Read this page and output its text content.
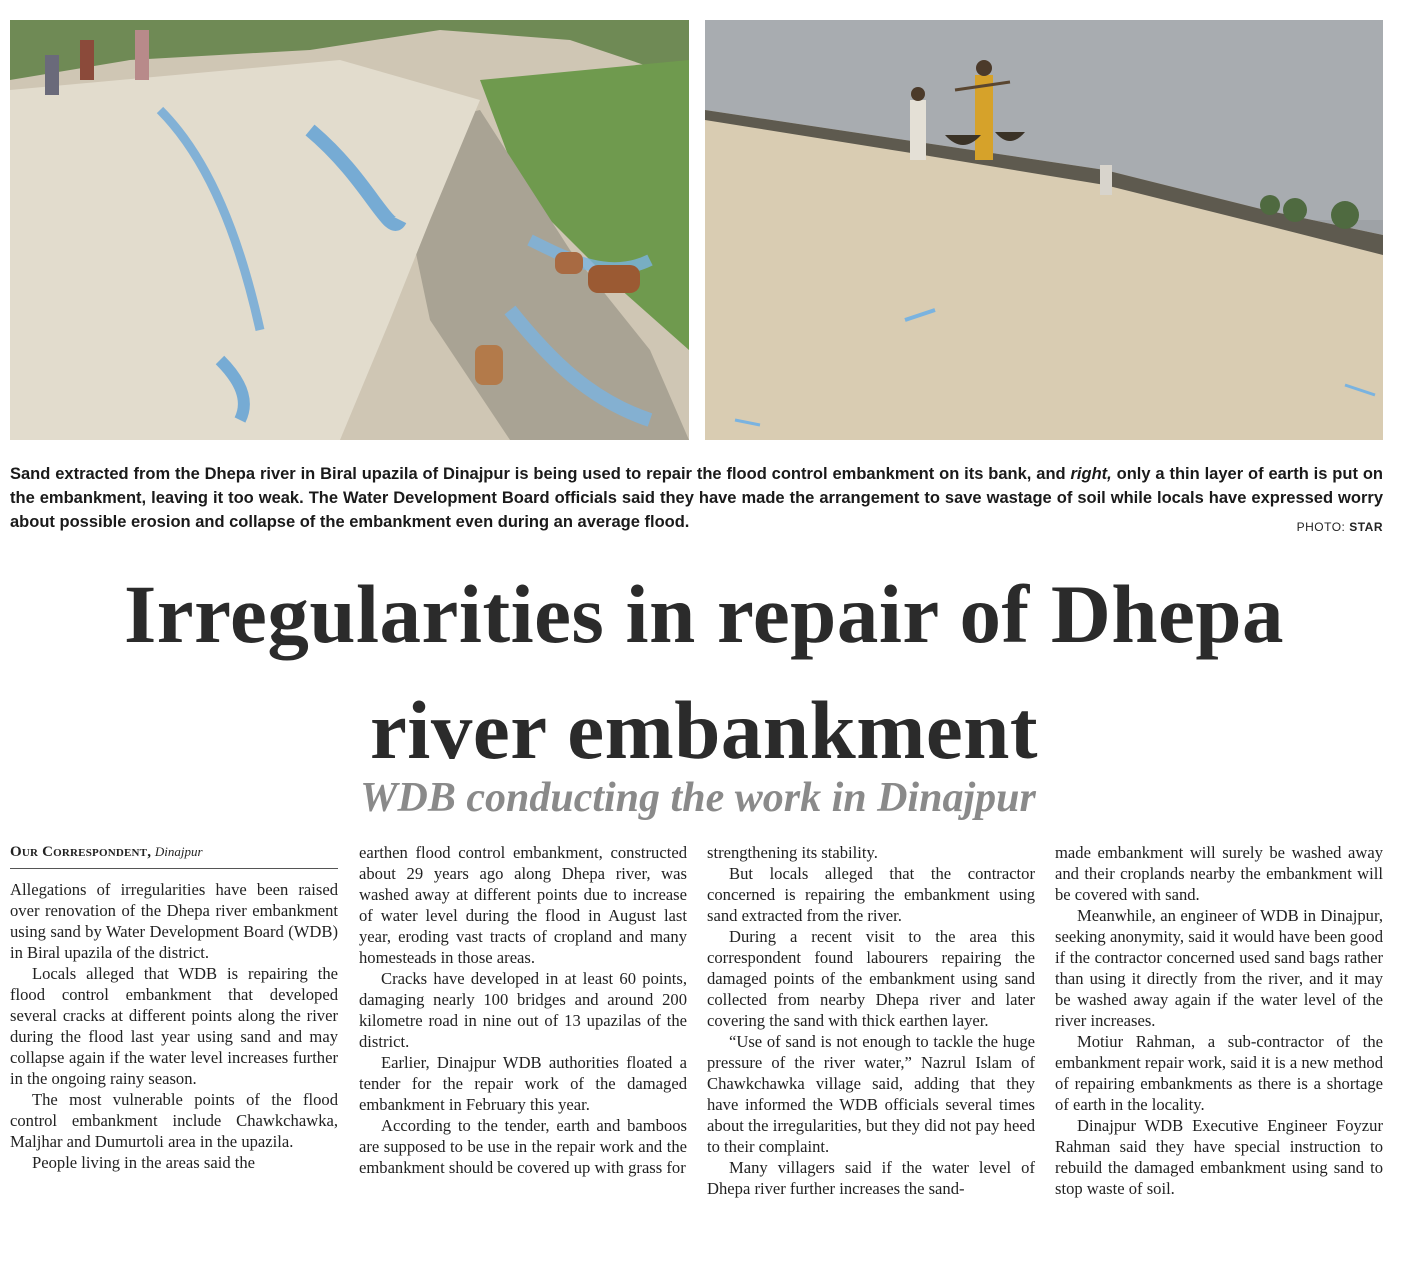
Sand extracted from the Dhepa river in Biral upazila of Dinajpur is being used to repair the flood control embankment on its bank, and right, only a thin layer of earth is put on the embankment, leaving it too weak. The Water Development Board officials said they have made the arrangement to save wastage of soil while locals have expressed worry about possible erosion and collapse of the embankment even during an average flood.	PHOTO: STAR
Irregularities in repair of Dhepa
river embankment
WDB conducting the work in Dinajpur
Our Correspondent, Dinajpur

Allegations of irregularities have been raised over renovation of the Dhepa river embankment using sand by Water Development Board (WDB) in Biral upazila of the district.

Locals alleged that WDB is repairing the flood control embankment that developed several cracks at different points along the river during the flood last year using sand and may collapse again if the water level increases further in the ongoing rainy season.

The most vulnerable points of the flood control embankment include Chawkchawka, Maljhar and Dumurtoli area in the upazila.

People living in the areas said the

earthen flood control embankment, constructed about 29 years ago along Dhepa river, was washed away at different points due to increase of water level during the flood in August last year, eroding vast tracts of cropland and many homesteads in those areas.

Cracks have developed in at least 60 points, damaging nearly 100 bridges and around 200 kilometre road in nine out of 13 upazilas of the district.

Earlier, Dinajpur WDB authorities floated a tender for the repair work of the damaged embankment in February this year.

According to the tender, earth and bamboos are supposed to be use in the repair work and the embankment should be covered up with grass for

strengthening its stability.

But locals alleged that the contractor concerned is repairing the embankment using sand extracted from the river.

During a recent visit to the area this correspondent found labourers repairing the damaged points of the embankment using sand collected from nearby Dhepa river and later covering the sand with thick earthen layer.

“Use of sand is not enough to tackle the huge pressure of the river water,” Nazrul Islam of Chawkchawka village said, adding that they have informed the WDB officials several times about the irregularities, but they did not pay heed to their complaint.

Many villagers said if the water level of Dhepa river further increases the sand-

made embankment will surely be washed away and their croplands nearby the embankment will be covered with sand.

Meanwhile, an engineer of WDB in Dinajpur, seeking anonymity, said it would have been good if the contractor concerned used sand bags rather than using it directly from the river, and it may be washed away again if the water level of the river increases.

Motiur Rahman, a sub-contractor of the embankment repair work, said it is a new method of repairing embankments as there is a shortage of earth in the locality.

Dinajpur WDB Executive Engineer Foyzur Rahman said they have special instruction to rebuild the damaged embankment using sand to stop waste of soil.
